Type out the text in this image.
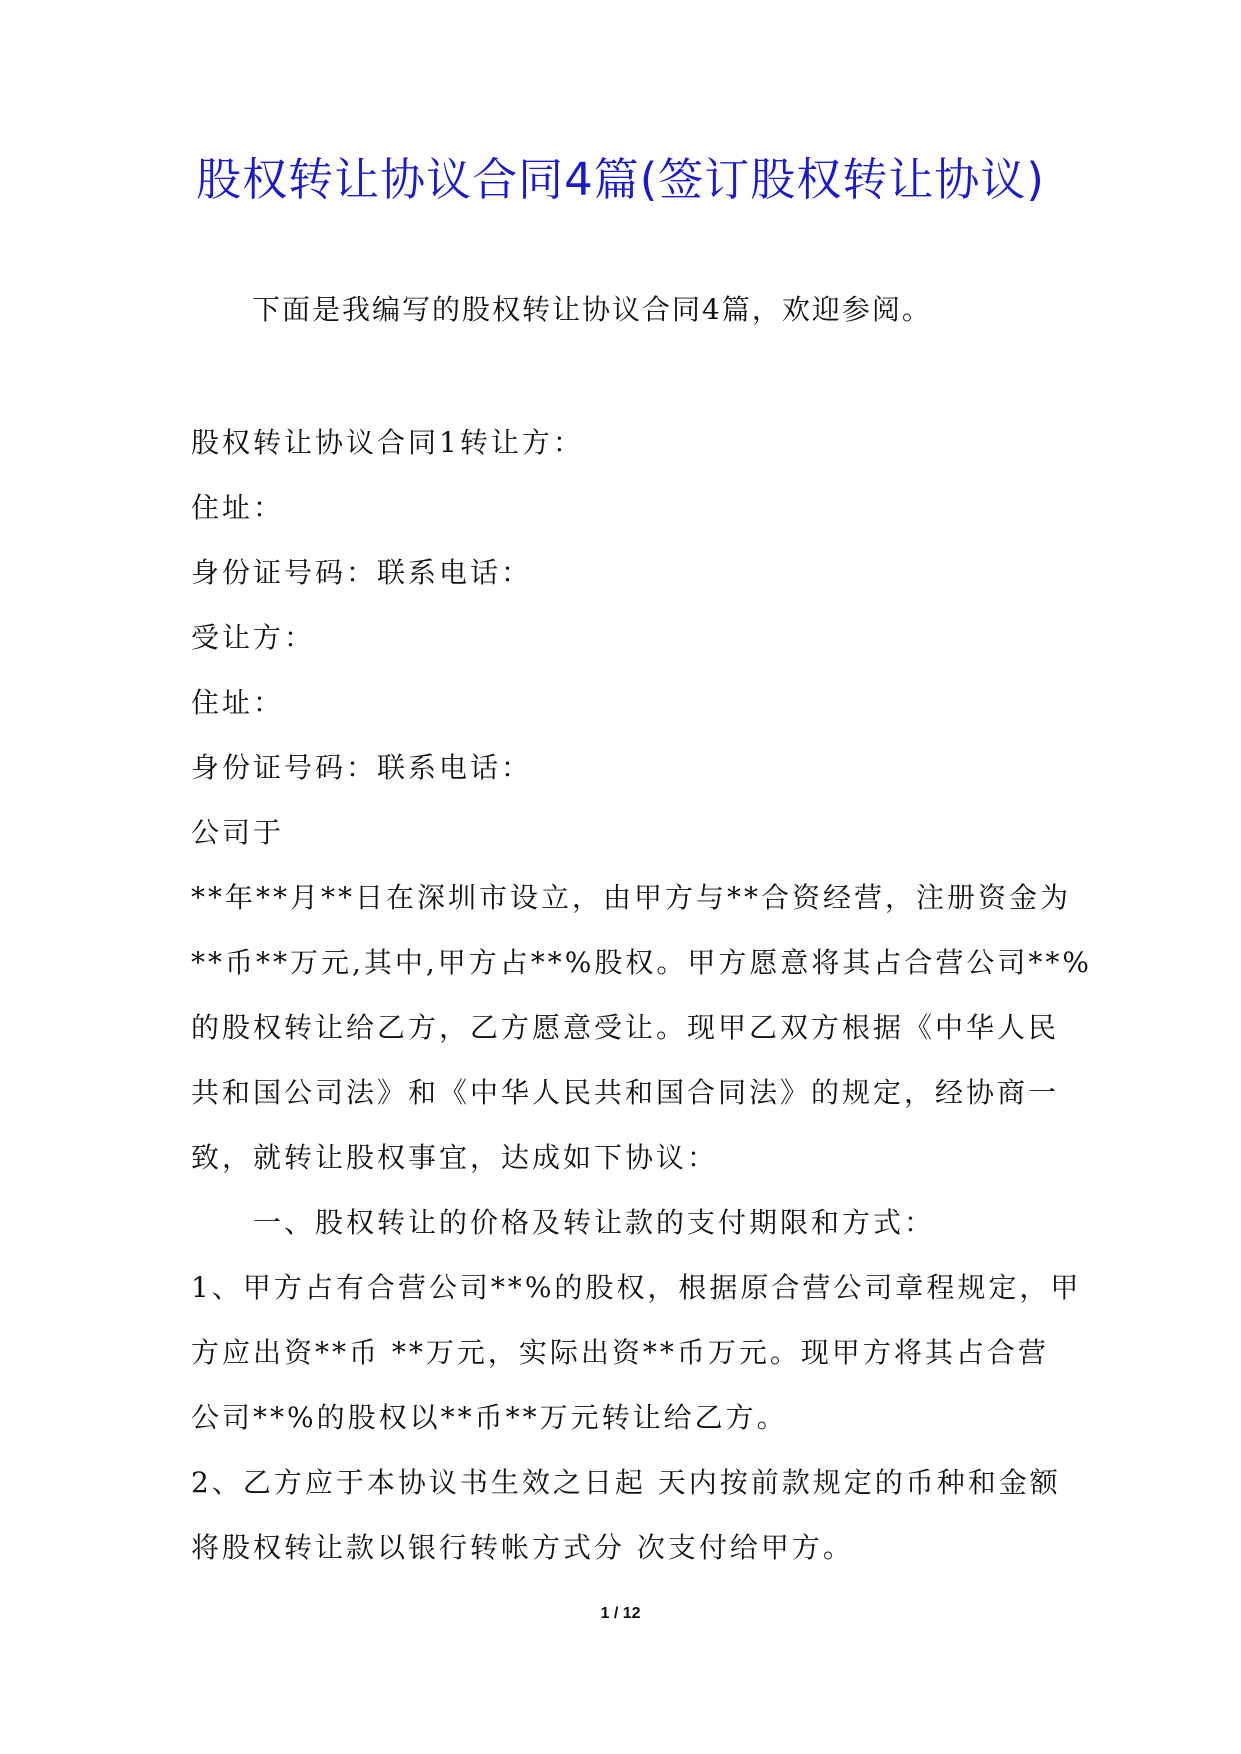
股权转让协议合同4篇(签订股权转让协议)
下面是我编写的股权转让协议合同4篇，欢迎参阅。
股权转让协议合同1转让方：
住址：
身份证号码：联系电话：
受让方：
住址：
身份证号码：联系电话：
公司于
**年**月**日在深圳市设立，由甲方与**合资经营，注册资金为
**币**万元,其中,甲方占**%股权。甲方愿意将其占合营公司**%
的股权转让给乙方，乙方愿意受让。现甲乙双方根据《中华人民
共和国公司法》和《中华人民共和国合同法》的规定，经协商一
致，就转让股权事宜，达成如下协议：
一、股权转让的价格及转让款的支付期限和方式：
1、甲方占有合营公司**%的股权，根据原合营公司章程规定，甲
方应出资**币 **万元，实际出资**币万元。现甲方将其占合营
公司**%的股权以**币**万元转让给乙方。
2、乙方应于本协议书生效之日起 天内按前款规定的币种和金额
将股权转让款以银行转帐方式分 次支付给甲方。
1 / 12
